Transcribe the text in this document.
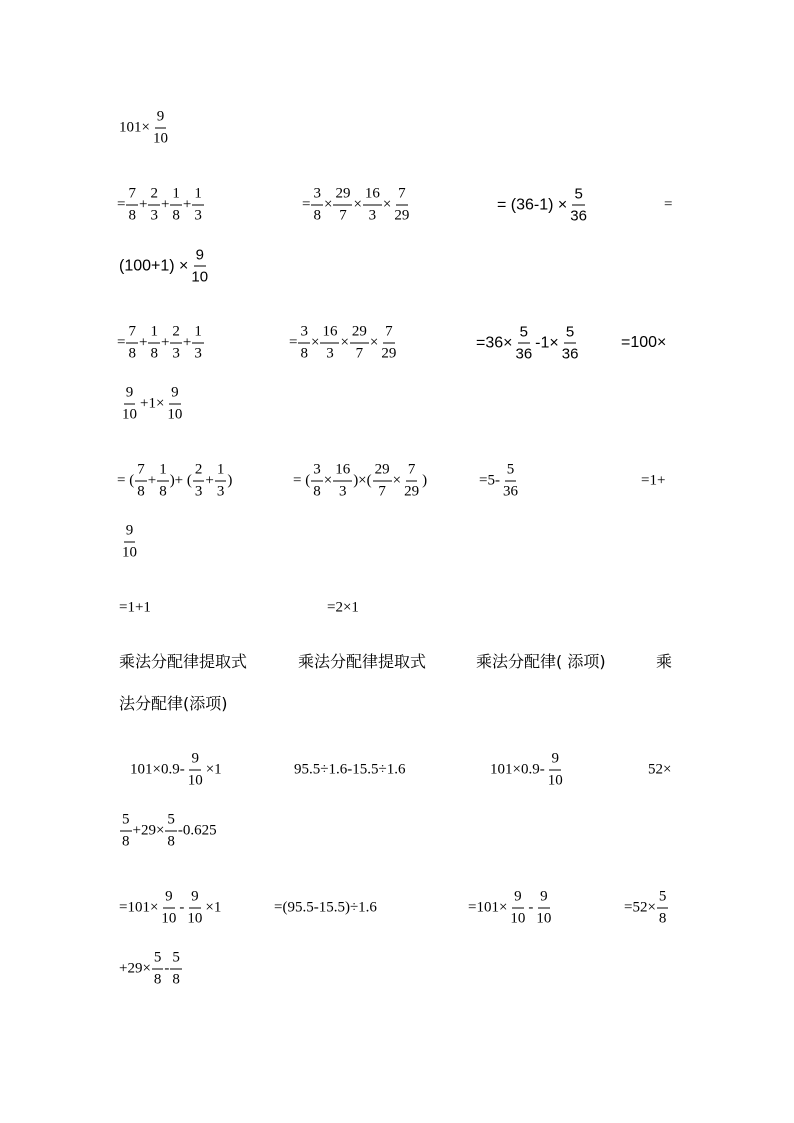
$101\times \frac{9}{10}$
= $\frac{7}{8} + \frac{2}{3} + \frac{1}{8} + \frac{1}{3}$	= $\frac{3}{8} \times \frac{29}{7} \times \frac{16}{3} \times \frac{7}{29}$	= $(36-1) \times \frac{5}{36}$	=
$(100+1) \times \frac{9}{10}$
= $\frac{7}{8} + \frac{1}{8} + \frac{2}{3} + \frac{1}{3}$	= $\frac{3}{8} \times \frac{16}{3} \times \frac{29}{7} \times \frac{7}{29}$	$=36\times \frac{5}{36} -1\times \frac{5}{36}$	=100×
$\frac{9}{10} +1\times \frac{9}{10}$
= ( $\frac{7}{8} + \frac{1}{8}$ )+ ( $\frac{2}{3} + \frac{1}{3}$ )	= ( $\frac{3}{8} \times \frac{16}{3}$ )×( $\frac{29}{7} \times \frac{7}{29}$ )	$=5- \frac{5}{36}$	=1+
$\frac{9}{10}$
=1+1	=2×1
乘法分配律提取式	乘法分配律提取式	乘法分配律( 添项)	乘
法分配律(添项)
$101\times 0.9- \frac{9}{10} \times 1$	95.5÷1.6-15.5÷1.6	$101\times 0.9- \frac{9}{10}$	52×
$\frac{5}{8} +29\times \frac{5}{8} -0.625$
$=101\times \frac{9}{10} - \frac{9}{10} \times 1$	=(95.5-15.5)÷1.6	$=101\times \frac{9}{10} - \frac{9}{10}$	$=52\times \frac{5}{8}$
$+29\times \frac{5}{8} - \frac{5}{8}$
